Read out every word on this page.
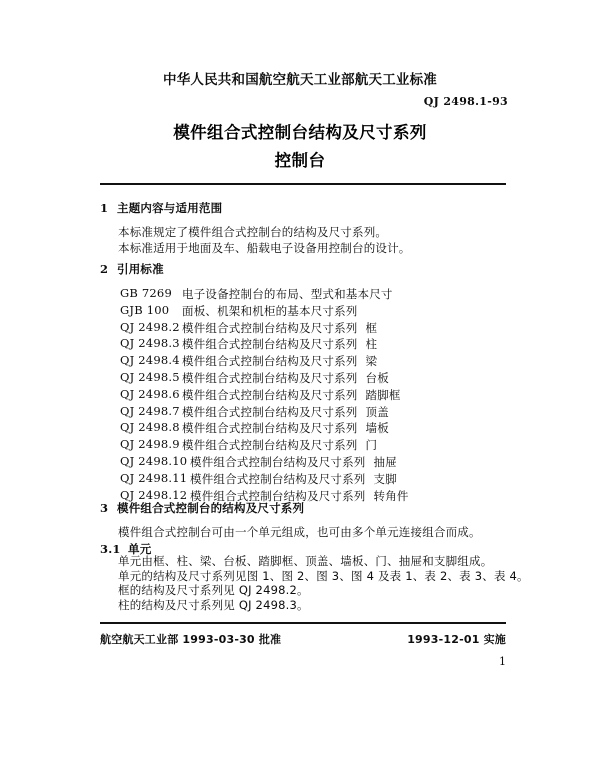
中华人民共和国航空航天工业部航天工业标准
QJ 2498.1-93
模件组合式控制台结构及尺寸系列
控制台
1 主题内容与适用范围
本标准规定了模件组合式控制台的结构及尺寸系列。
本标准适用于地面及车、船载电子设备用控制台的设计。
2 引用标准
GB 7269 电子设备控制台的布局、型式和基本尺寸
GJB 100 面板、机架和机柜的基本尺寸系列
QJ 2498.2 模件组合式控制台结构及尺寸系列 框
QJ 2498.3 模件组合式控制台结构及尺寸系列 柱
QJ 2498.4 模件组合式控制台结构及尺寸系列 梁
QJ 2498.5 模件组合式控制台结构及尺寸系列 台板
QJ 2498.6 模件组合式控制台结构及尺寸系列 踏脚框
QJ 2498.7 模件组合式控制台结构及尺寸系列 顶盖
QJ 2498.8 模件组合式控制台结构及尺寸系列 墙板
QJ 2498.9 模件组合式控制台结构及尺寸系列 门
QJ 2498.10 模件组合式控制台结构及尺寸系列 抽屉
QJ 2498.11 模件组合式控制台结构及尺寸系列 支脚
QJ 2498.12 模件组合式控制台结构及尺寸系列 转角件
3 模件组合式控制台的结构及尺寸系列
模件组合式控制台可由一个单元组成，也可由多个单元连接组合而成。
3.1 单元
单元由框、柱、梁、台板、踏脚框、顶盖、墙板、门、抽屉和支脚组成。
单元的结构及尺寸系列见图 1、图 2、图 3、图 4 及表 1、表 2、表 3、表 4。
框的结构及尺寸系列见 QJ 2498.2。
柱的结构及尺寸系列见 QJ 2498.3。
航空航天工业部 1993-03-30 批准	1993-12-01 实施
1
